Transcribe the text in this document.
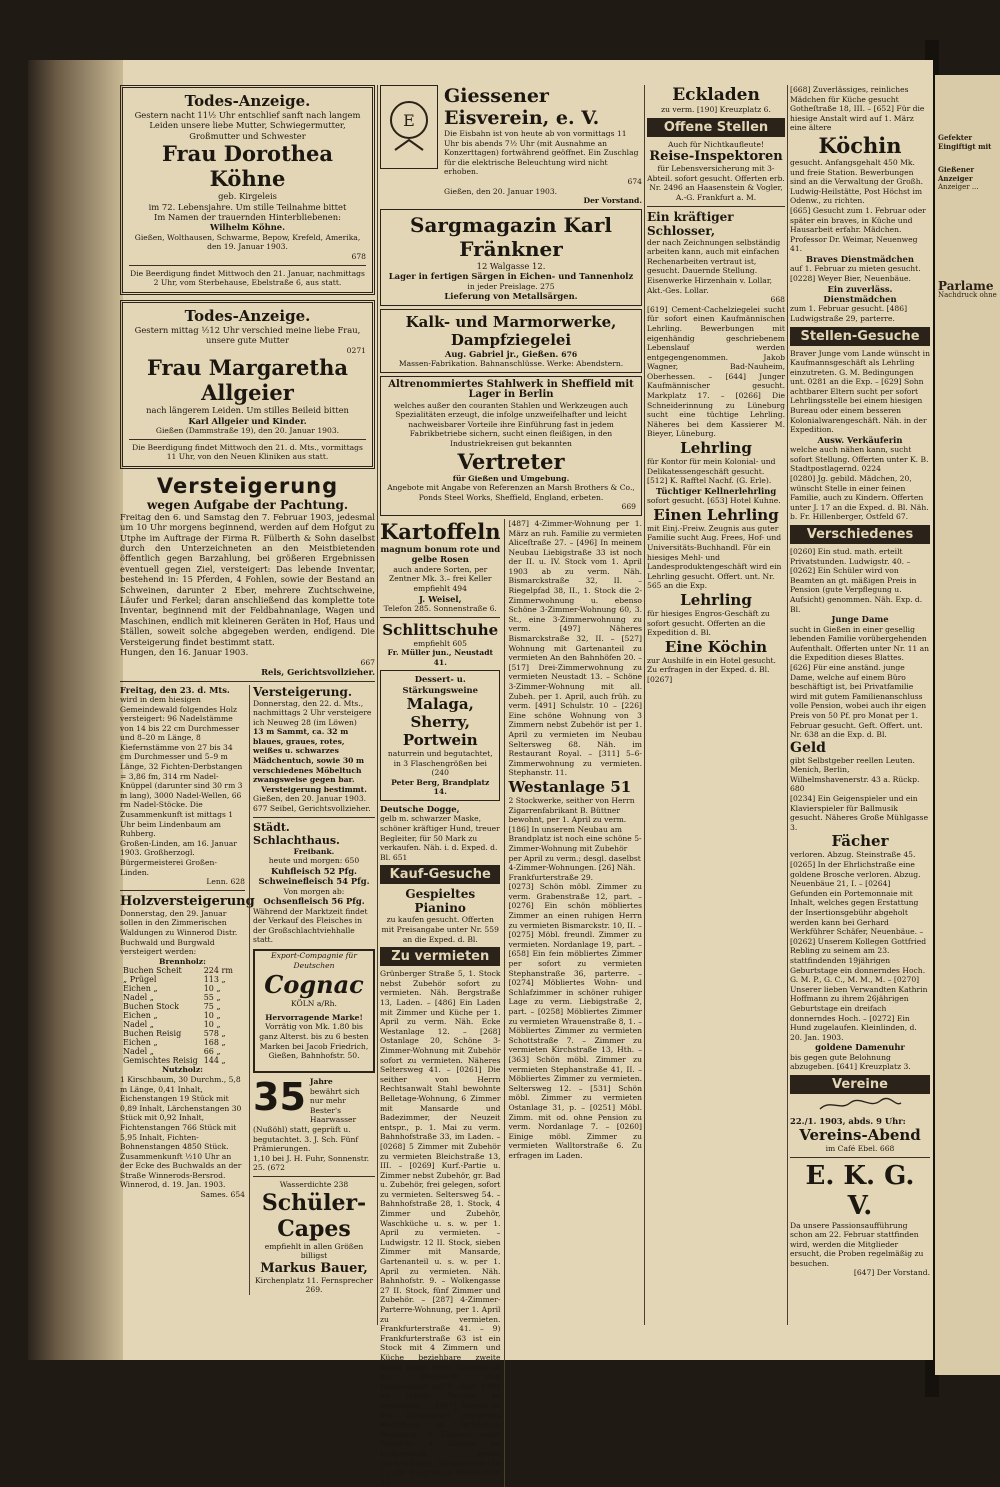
Gefekter Eingiftigt mit
Gießener Anzeiger
Anzeiger ...
Parlame
Nachdruck ohne
Todes-Anzeige.
Gestern nacht 11½ Uhr entschlief sanft nach langem Leiden unsere liebe Mutter, Schwiegermutter, Großmutter und Schwester
Frau Dorothea Köhne
geb. Kirgeleis
im 72. Lebensjahre. Um stille Teilnahme bittet
Im Namen der trauernden Hinterbliebenen:
Wilhelm Köhne.
Gießen, Wolthausen, Schwarme, Bepow, Krefeld, Amerika, den 19. Januar 1903.
678
Die Beerdigung findet Mittwoch den 21. Januar, nachmittags 2 Uhr, vom Sterbehause, Ebelstraße 6, aus statt.
Todes-Anzeige.
Gestern mittag ½12 Uhr verschied meine liebe Frau, unsere gute Mutter
0271
Frau Margaretha Allgeier
nach längerem Leiden. Um stilles Beileid bitten
Karl Allgeier und Kinder.
Gießen (Dammstraße 19), den 20. Januar 1903.
Die Beerdigung findet Mittwoch den 21. d. Mts., vormittags 11 Uhr, von den Neuen Kliniken aus statt.
Versteigerung
wegen Aufgabe der Pachtung.
Freitag den 6. und Samstag den 7. Februar 1903, jedesmal um 10 Uhr morgens beginnend, werden auf dem Hofgut zu Utphe im Auftrage der Firma R. Fülberth & Sohn daselbst durch den Unterzeichneten an den Meistbietenden öffentlich gegen Barzahlung, bei größeren Ergebnissen eventuell gegen Ziel, versteigert: Das lebende Inventar, bestehend in: 15 Pferden, 4 Fohlen, sowie der Bestand an Schweinen, darunter 2 Eber, mehrere Zuchtschweine, Läufer und Ferkel; daran anschließend das komplette tote Inventar, beginnend mit der Feldbahnanlage, Wagen und Maschinen, endlich mit kleineren Geräten in Hof, Haus und Ställen, soweit solche abgegeben werden, endigend. Die Versteigerung findet bestimmt statt.
Hungen, den 16. Januar 1903.
667
Rels, Gerichtsvollzieher.
Freitag, den 23. d. Mts.
wird in dem hiesigen Gemeindewald folgendes Holz versteigert: 96 Nadelstämme von 14 bis 22 cm Durchmesser und 8–20 m Länge, 8 Kiefernstämme von 27 bis 34 cm Durchmesser und 5–9 m Länge, 32 Fichten-Derbstangen = 3,86 fm, 314 rm Nadel-Knüppel (darunter sind 30 rm 3 m lang), 3000 Nadel-Wellen, 66 rm Nadel-Stöcke. Die Zusammenkunft ist mittags 1 Uhr beim Lindenbaum am Ruhberg.
Großen-Linden, am 16. Januar 1903. Großherzogl. Bürgermeisterei Großen-Linden.
Lenn. 628
Holzversteigerung
Donnerstag, den 29. Januar sollen in den Zimmerischen Waldungen zu Winnerod Distr. Buchwald und Burgwald versteigert werden:
Brennholz:
Buchen Scheit	224 rm
„ Prügel	113 „
Eichen „	10 „
Nadel „	55 „
Buchen Stock	75 „
Eichen „	10 „
Nadel „	10 „
Buchen Reisig	578 „
Eichen „	168 „
Nadel „	66 „
Gemischtes Reisig	144 „
Nutzholz:
1 Kirschbaum, 30 Durchm., 5,8 m Länge, 0,41 Inhalt, Eichenstangen 19 Stück mit 0,89 Inhalt, Lärchenstangen 30 Stück mit 0,92 Inhalt, Fichtenstangen 766 Stück mit 5,95 Inhalt, Fichten-Bohnenstangen 4850 Stück. Zusammenkunft ½10 Uhr an der Ecke des Buchwalds an der Straße Winnerods-Bersrod.
Winnerod, d. 19. Jan. 1903.
Sames. 654
Versteigerung.
Donnerstag, den 22. d. Mts., nachmittags 2 Uhr versteigere ich Neuweg 28 (im Löwen)
13 m Sammt, ca. 32 m blaues, graues, rotes, weißes u. schwarzes Mädchentuch, sowie 30 m verschiedenes Möbeltuch zwangsweise gegen bar.
Versteigerung bestimmt.
Gießen, den 20. Januar 1903.
677 Seibel, Gerichtsvollzieher.
Städt. Schlachthaus.
Freibank.
heute und morgen: 650
Kuhfleisch 52 Pfg.
Schweinefleisch 54 Pfg.
Von morgen ab:
Ochsenfleisch 56 Pfg.
Während der Marktzeit findet der Verkauf des Fleisches in der Großschlachtviehhalle statt.
Export-Compagnie für Deutschen
Cognac
KÖLN a/Rh.
Hervorragende Marke!
Vorrätig von Mk. 1.80 bis ganz Alterst. bis zu 6 besten Marken bei Jacob Friedrich, Gießen, Bahnhofstr. 50.
35 Jahre
bewährt sich nur mehr Bester's Haarwasser (Nußöhl) statt, geprüft u. begutachtet. 3. J. Sch. Fünf Prämierungen.
1,10 bei J. H. Fuhr, Sonnenstr. 25. (672
Wasserdichte 238
Schüler-Capes
empfiehlt in allen Größen billigst
Markus Bauer,
Kirchenplatz 11. Fernsprecher 269.
E
Giessener Eisverein, e. V.
Die Eisbahn ist von heute ab von vormittags 11 Uhr bis abends 7½ Uhr (mit Ausnahme an Konzerttagen) fortwährend geöffnet. Ein Zuschlag für die elektrische Beleuchtung wird nicht erhoben.
674
Gießen, den 20. Januar 1903.
Der Vorstand.
Sargmagazin Karl Fränkner
12 Walgasse 12.
Lager in fertigen Särgen in Eichen- und Tannenholz
in jeder Preislage. 275
Lieferung von Metallsärgen.
Kalk- und Marmorwerke, Dampfziegelei
Aug. Gabriel jr., Gießen. 676
Massen-Fabrikation. Bahnanschlüsse. Werke: Abendstern.
Altrenommiertes Stahlwerk in Sheffield mit Lager in Berlin
welches außer den couranten Stahlen und Werkzeugen auch Spezialitäten erzeugt, die infolge unzweifelhafter und leicht nachweisbarer Vorteile ihre Einführung fast in jedem Fabrikbetriebe sichern, sucht einen fleißigen, in den Industriekreisen gut bekannten
Vertreter
für Gießen und Umgebung.
Angebote mit Angabe von Referenzen an Marsh Brothers & Co., Ponds Steel Works, Sheffield, England, erbeten.
669
Kartoffeln
magnum bonum rote und gelbe Rosen
auch andere Sorten, per Zentner Mk. 3.– frei Keller empfiehlt 494
J. Weisel,
Telefon 285. Sonnenstraße 6.
Schlittschuhe
empfiehlt 605
Fr. Müller jun., Neustadt 41.
Dessert- u. Stärkungsweine
Malaga, Sherry, Portwein
naturrein und begutachtet, in 3 Flaschengrößen bei (240
Peter Berg, Brandplatz 14.
Deutsche Dogge,
gelb m. schwarzer Maske, schöner kräftiger Hund, treuer Begleiter, für 50 Mark zu verkaufen. Näh. i. d. Exped. d. Bl. 651
Kauf-Gesuche
Gespieltes Pianino
zu kaufen gesucht. Offerten mit Preisangabe unter Nr. 559 an die Exped. d. Bl.
Zu vermieten
Grünberger Straße 5, 1. Stock nebst Zubehör sofort zu vermieten. Näh. Bergstraße 13, Laden. – [486] Ein Laden mit Zimmer und Küche per 1. April zu verm. Näh. Ecke Westanlage 12. – [268] Ostanlage 20, Schöne 3-Zimmer-Wohnung mit Zubehör sofort zu vermieten. Näheres Seltersweg 41. – [0261] Die seither von Herrn Rechtsanwalt Stahl bewohnte Belletage-Wohnung, 6 Zimmer mit Mansarde und Badezimmer, der Neuzeit entspr., p. 1. Mai zu verm. Bahnhofstraße 33, im Laden. – [0268] 5 Zimmer mit Zubehör zu vermieten Bleichstraße 13, III. – [0269] Kurf.-Partie u. Zimmer nebst Zubehör, gr. Bad u. Zubehör, frei gelegen, sofort zu vermieten. Seltersweg 54. – Bahnhofstraße 28, 1. Stock, 4 Zimmer und Zubehör, Waschküche u. s. w. per 1. April zu vermieten. – Ludwigstr. 12 II. Stock, sieben Zimmer mit Mansarde, Gartenanteil u. s. w. per 1. April zu vermieten. Näh. Bahnhofstr. 9. – Wolkengasse 27 II. Stock, fünf Zimmer und Zubehör. – [287] 4-Zimmer-Parterre-Wohnung, per 1. April zu vermieten. Frankfurterstraße 41. – 9) Frankfurterstraße 63 ist ein Stock mit 4 Zimmern und Küche beziehbare zweite Stock nebst einer Kammer in der Mansarde und Gartenanteil auf 1. April 1903 an ruhige Familie zu vermieten. – [467] Wegen in der Garteninsel gelegenes Wohnhaus zu verkaufen, Wohnung, 5 Zimmer nebst Zubehör, 4 Zimmer im Erdgeschoß, große Gartenräume. Wetzlarerstraße 11. Dr. Krogmann, Bahnhofstr. 30.
[487] 4-Zimmer-Wohnung per 1. März an ruh. Familie zu vermieten Aliceſtraße 27. – [496] In meinem Neubau Liebigstraße 33 ist noch der II. u. IV. Stock vom 1. April 1903 ab zu verm. Näh. Bismarckstraße 32, II. – Riegelpfad 38, II., 1. Stock die 2-Zimmerwohnung u. ebenso Schöne 3-Zimmer-Wohnung 60, 3. St., eine 3-Zimmerwohnung zu verm. [497] Näheres Bismarckstraße 32, II. – [527] Wohnung mit Gartenanteil zu vermieten An den Bahnhöfen 20. – [517] Drei-Zimmerwohnung zu vermieten Neustadt 13. – Schöne 3-Zimmer-Wohnung mit all. Zubeh. per 1. April, auch früh. zu verm. [491] Schulstr. 10 – [226] Eine schöne Wohnung von 3 Zimmern nebst Zubehör ist per 1. April zu vermieten im Neubau Seltersweg 68. Näh. im Restaurant Royal. – [311] 5–6-Zimmerwohnung zu vermieten. Stephanstr. 11.
Westanlage 51
2 Stockwerke, seither von Herrn Zigarrenfabrikant B. Büttner bewohnt, per 1. April zu verm. [186] In unserem Neubau am Brandplatz ist noch eine schöne 5-Zimmer-Wohnung mit Zubehör per April zu verm.; desgl. daselbst 4-Zimmer-Wohnungen. [26] Näh. Frankfurterstraße 29.
[0273] Schön möbl. Zimmer zu verm. Grabenstraße 12, part. – [0276] Ein schön möbliertes Zimmer an einen ruhigen Herrn zu vermieten Bismarckstr. 10, II. – [0275] Möbl. freundl. Zimmer zu vermieten. Nordanlage 19, part. – [658] Ein fein möbliertes Zimmer per sofort zu vermieten Stephanstraße 36, parterre. – [0274] Möbliertes Wohn- und Schlafzimmer in schöner ruhiger Lage zu verm. Liebigstraße 2, part. – [0258] Möbliertes Zimmer zu vermieten Wrauenstraße 8, 1. – Möbliertes Zimmer zu vermieten Schottstraße 7. – Zimmer zu vermieten Kirchstraße 13, Hth. – [363] Schön möbl. Zimmer zu vermieten Stephanstraße 41, II. – Möbliertes Zimmer zu vermieten. Seltersweg 12. – [531] Schön möbl. Zimmer zu vermieten Ostanlage 31, p. – [0251] Möbl. Zimm. mit od. ohne Pension zu verm. Nordanlage 7. – [0260] Einige möbl. Zimmer zu vermieten Walltorstraße 6. Zu erfragen im Laden.
Eckladen
zu verm. [190] Kreuzplatz 6.
Offene Stellen
Auch für Nichtkaufleute!
Reise-Inspektoren
für Lebensversicherung mit 3-Abteil. sofort gesucht. Offerten erb. Nr. 2496 an Haasenstein & Vogler, A.-G. Frankfurt a. M.
Ein kräftiger Schlosser,
der nach Zeichnungen selbständig arbeiten kann, auch mit einfachen Rechenarbeiten vertraut ist, gesucht. Dauernde Stellung. Eisenwerke Hirzenhain v. Lollar, Akt.-Ges. Lollar.
668
[619] Cement-Cachelziegelei sucht für sofort einen Kaufmännischen Lehrling. Bewerbungen mit eigenhändig geschriebenem Lebenslauf werden entgegengenommen. Jakob Wagner, Bad-Nauheim, Oberhessen. – [644] Junger Kaufmännischer gesucht. Markplatz 17. – [0266] Die Schneiderinnung zu Lüneburg sucht eine tüchtige Lehrling. Näheres bei dem Kassierer M. Bieyer, Lüneburg.
Lehrling
für Kontor für mein Kolonial- und Delikatessengeschäft gesucht. [512] K. Rafftel Nachf. (G. Erle).
Tüchtiger Kellnerlehrling
sofort gesucht. [653] Hotel Kuhne.
Einen Lehrling
mit Einj.-Freiw. Zeugnis aus guter Familie sucht Aug. Frees, Hof- und Universitäts-Buchhandl. Für ein hiesiges Mehl- und Landesproduktengeschäft wird ein Lehrling gesucht. Offert. unt. Nr. 565 an die Exp.
Lehrling
für hiesiges Engros-Geschäft zu sofort gesucht. Offerten an die Expedition d. Bl.
Eine Köchin
zur Aushilfe in ein Hotel gesucht. Zu erfragen in der Exped. d. Bl. [0267]
[668] Zuverlässiges, reinliches Mädchen für Küche gesucht Gotheſtraße 18, III. – [652] Für die hiesige Anstalt wird auf 1. März eine ältere
Köchin
gesucht. Anfangsgehalt 450 Mk. und freie Station. Bewerbungen sind an die Verwaltung der Großh. Ludwig-Heilstätte, Post Höchst im Odenw., zu richten.
[665] Gesucht zum 1. Februar oder später ein braves, in Küche und Hausarbeit erfahr. Mädchen. Professor Dr. Weimar, Neuenweg 41.
Braves Dienstmädchen
auf 1. Februar zu mieten gesucht. [0228] Weyer Bier, Neuenbäue.
Ein zuverläss. Dienstmädchen
zum 1. Februar gesucht. [486] Ludwigstraße 29, parterre.
Stellen-Gesuche
Braver Junge vom Lande wünscht in Kaufmannsgeschäft als Lehrling einzutreten. G. M. Bedingungen unt. 0281 an die Exp. – [629] Sohn achtbarer Eltern sucht per sofort Lehrlingsstelle bei einem hiesigen Bureau oder einem besseren Kolonialwarengeschäft. Näh. in der Expedition.
Ausw. Verkäuferin
welche auch nähen kann, sucht sofort Stellung. Offerten unter K. B. Stadtpostlagernd. 0224
[0280] Jg. gebild. Mädchen, 20, wünscht Stelle in einer feinen Familie, auch zu Kindern. Offerten unter J. 17 an die Exped. d. Bl. Näh. b. Fr. Hillenberger, Ostfeld 67.
Verschiedenes
[0260] Ein stud. math. erteilt Privatstunden. Ludwigstr. 40. – [0262] Ein Schüler wird von Beamten an gt. mäßigen Preis in Pension (gute Verpflegung u. Aufsicht) genommen. Näh. Exp. d. Bl.
Junge Dame
sucht in Gießen in einer gesellig lebenden Familie vorübergehenden Aufenthalt. Offerten unter Nr. 11 an die Expedition dieses Blattes.
[626] Für eine anständ. junge Dame, welche auf einem Büro beschäftigt ist, bei Privatfamilie wird mit gutem Familienanschluss volle Pension, wobei auch ihr eigen Preis von 50 Pf. pro Monat per 1. Februar gesucht. Geft. Offert. unt. Nr. 638 an die Exp. d. Bl.
Geld
gibt Selbstgeber reellen Leuten. Menich, Berlin, Wilhelmshavenerstr. 43 a. Rückp. 680
[0234] Ein Geigenspieler und ein Klavierspieler für Ballmusik gesucht. Näheres Große Mühlgasse 3.
Fächer
verloren. Abzug. Steinstraße 45.
[0265] In der Ehrlichstraße eine goldene Brosche verloren. Abzug. Neuenbäue 21, I. – [0264] Gefunden ein Portemonnaie mit Inhalt, welches gegen Erstattung der Insertionsgebühr abgeholt werden kann bei Gerhard Werkführer Schäfer, Neuenbäue. – [0262] Unserem Kollegen Gottfried Rebling zu seinem am 23. stattfindenden 19jährigen Geburtstage ein donnerndes Hoch. G. M. P., G. C., M. M., M. – [0270] Unserer lieben Verwandten Kathrin Hoffmann zu ihrem 26jährigen Geburtstage ein dreifach donnerndes Hoch. – [0272] Ein Hund zugelaufen. Kleinlinden, d. 20. Jan. 1903.
goldene Damenuhr
bis gegen gute Belohnung abzugeben. [641] Kreuzplatz 3.
Vereine
22./1. 1903, abds. 9 Uhr:
Vereins-Abend
im Café Ebel. 668
E. K. G. V.
Da unsere Passionsaufführung schon am 22. Februar stattfinden wird, werden die Mitglieder ersucht, die Proben regelmäßig zu besuchen.
[647] Der Vorstand.
